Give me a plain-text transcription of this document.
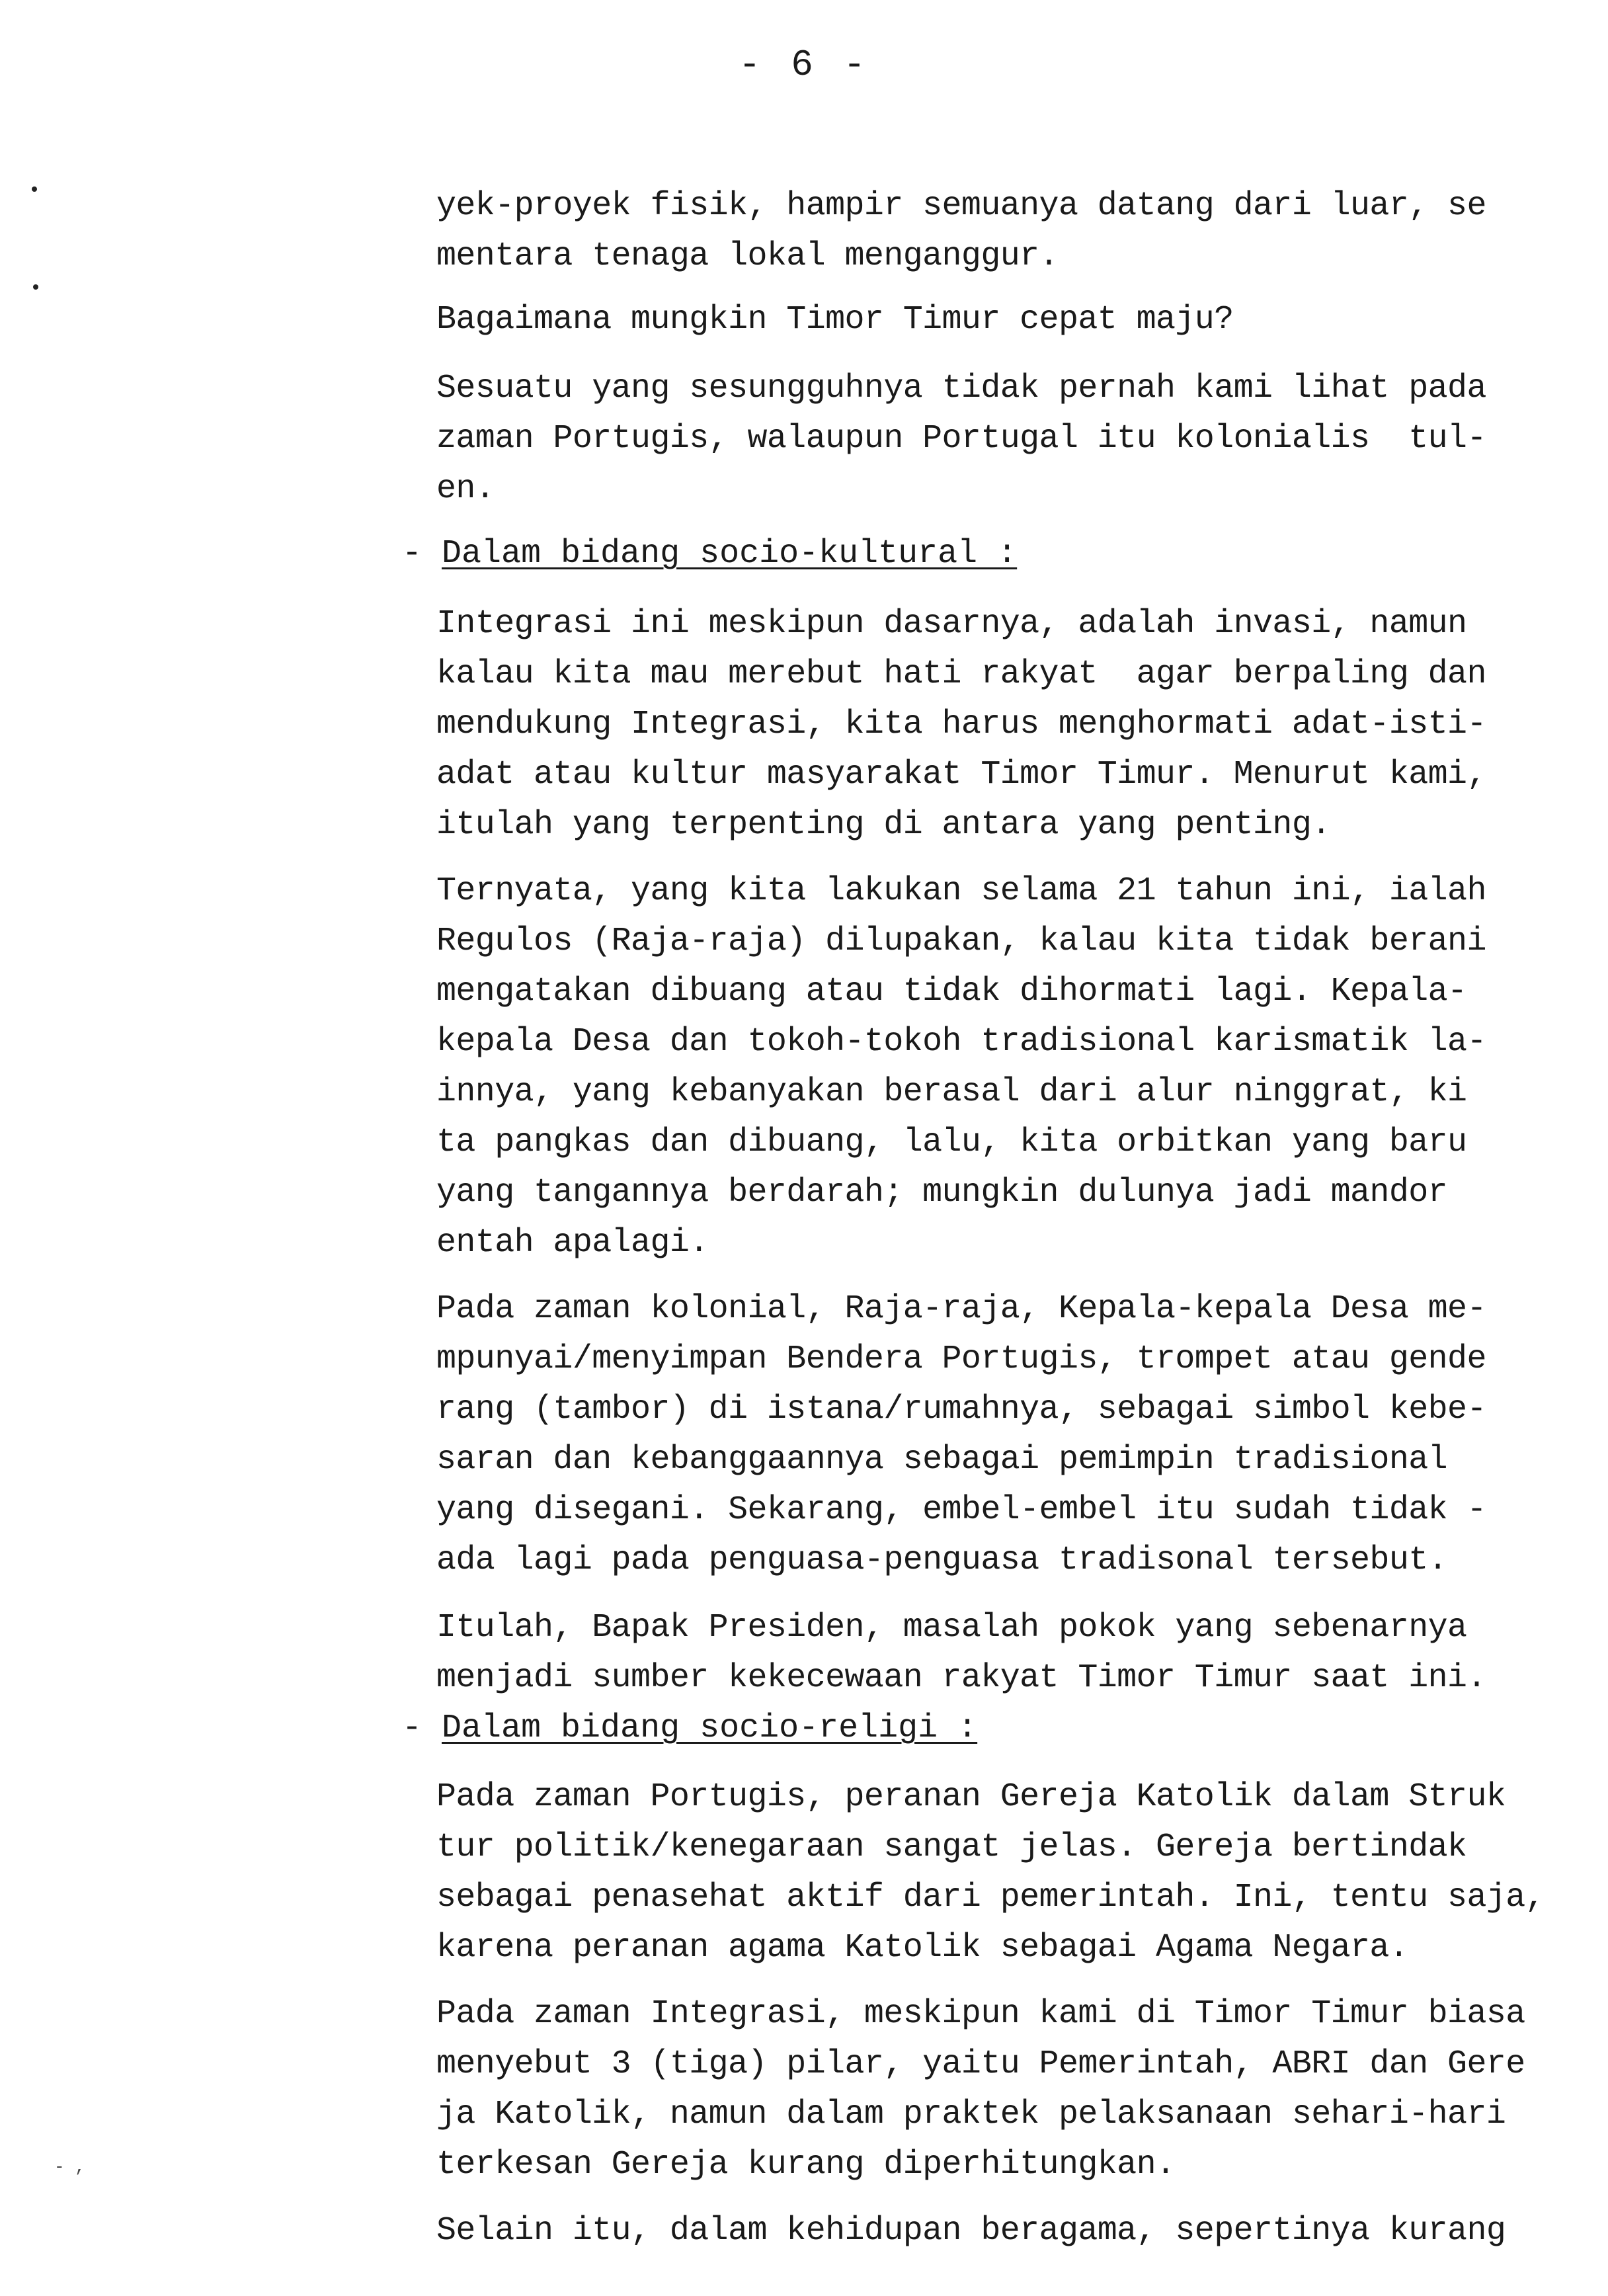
- 6 -
- ,
yek-proyek fisik, hampir semuanya datang dari luar, se
mentara tenaga lokal menganggur.
Bagaimana mungkin Timor Timur cepat maju?
Sesuatu yang sesungguhnya tidak pernah kami lihat pada
zaman Portugis, walaupun Portugal itu kolonialis  tul-
en.
- Dalam bidang socio-kultural :
Integrasi ini meskipun dasarnya, adalah invasi, namun
kalau kita mau merebut hati rakyat  agar berpaling dan
mendukung Integrasi, kita harus menghormati adat-isti-
adat atau kultur masyarakat Timor Timur. Menurut kami,
itulah yang terpenting di antara yang penting.
Ternyata, yang kita lakukan selama 21 tahun ini, ialah
Regulos (Raja-raja) dilupakan, kalau kita tidak berani
mengatakan dibuang atau tidak dihormati lagi. Kepala-
kepala Desa dan tokoh-tokoh tradisional karismatik la-
innya, yang kebanyakan berasal dari alur ninggrat, ki
ta pangkas dan dibuang, lalu, kita orbitkan yang baru
yang tangannya berdarah; mungkin dulunya jadi mandor
entah apalagi.
Pada zaman kolonial, Raja-raja, Kepala-kepala Desa me-
mpunyai/menyimpan Bendera Portugis, trompet atau gende
rang (tambor) di istana/rumahnya, sebagai simbol kebe-
saran dan kebanggaannya sebagai pemimpin tradisional
yang disegani. Sekarang, embel-embel itu sudah tidak -
ada lagi pada penguasa-penguasa tradisonal tersebut.
Itulah, Bapak Presiden, masalah pokok yang sebenarnya
menjadi sumber kekecewaan rakyat Timor Timur saat ini.
- Dalam bidang socio-religi :
Pada zaman Portugis, peranan Gereja Katolik dalam Struk
tur politik/kenegaraan sangat jelas. Gereja bertindak
sebagai penasehat aktif dari pemerintah. Ini, tentu saja,
karena peranan agama Katolik sebagai Agama Negara.
Pada zaman Integrasi, meskipun kami di Timor Timur biasa
menyebut 3 (tiga) pilar, yaitu Pemerintah, ABRI dan Gere
ja Katolik, namun dalam praktek pelaksanaan sehari-hari
terkesan Gereja kurang diperhitungkan.
Selain itu, dalam kehidupan beragama, sepertinya kurang
